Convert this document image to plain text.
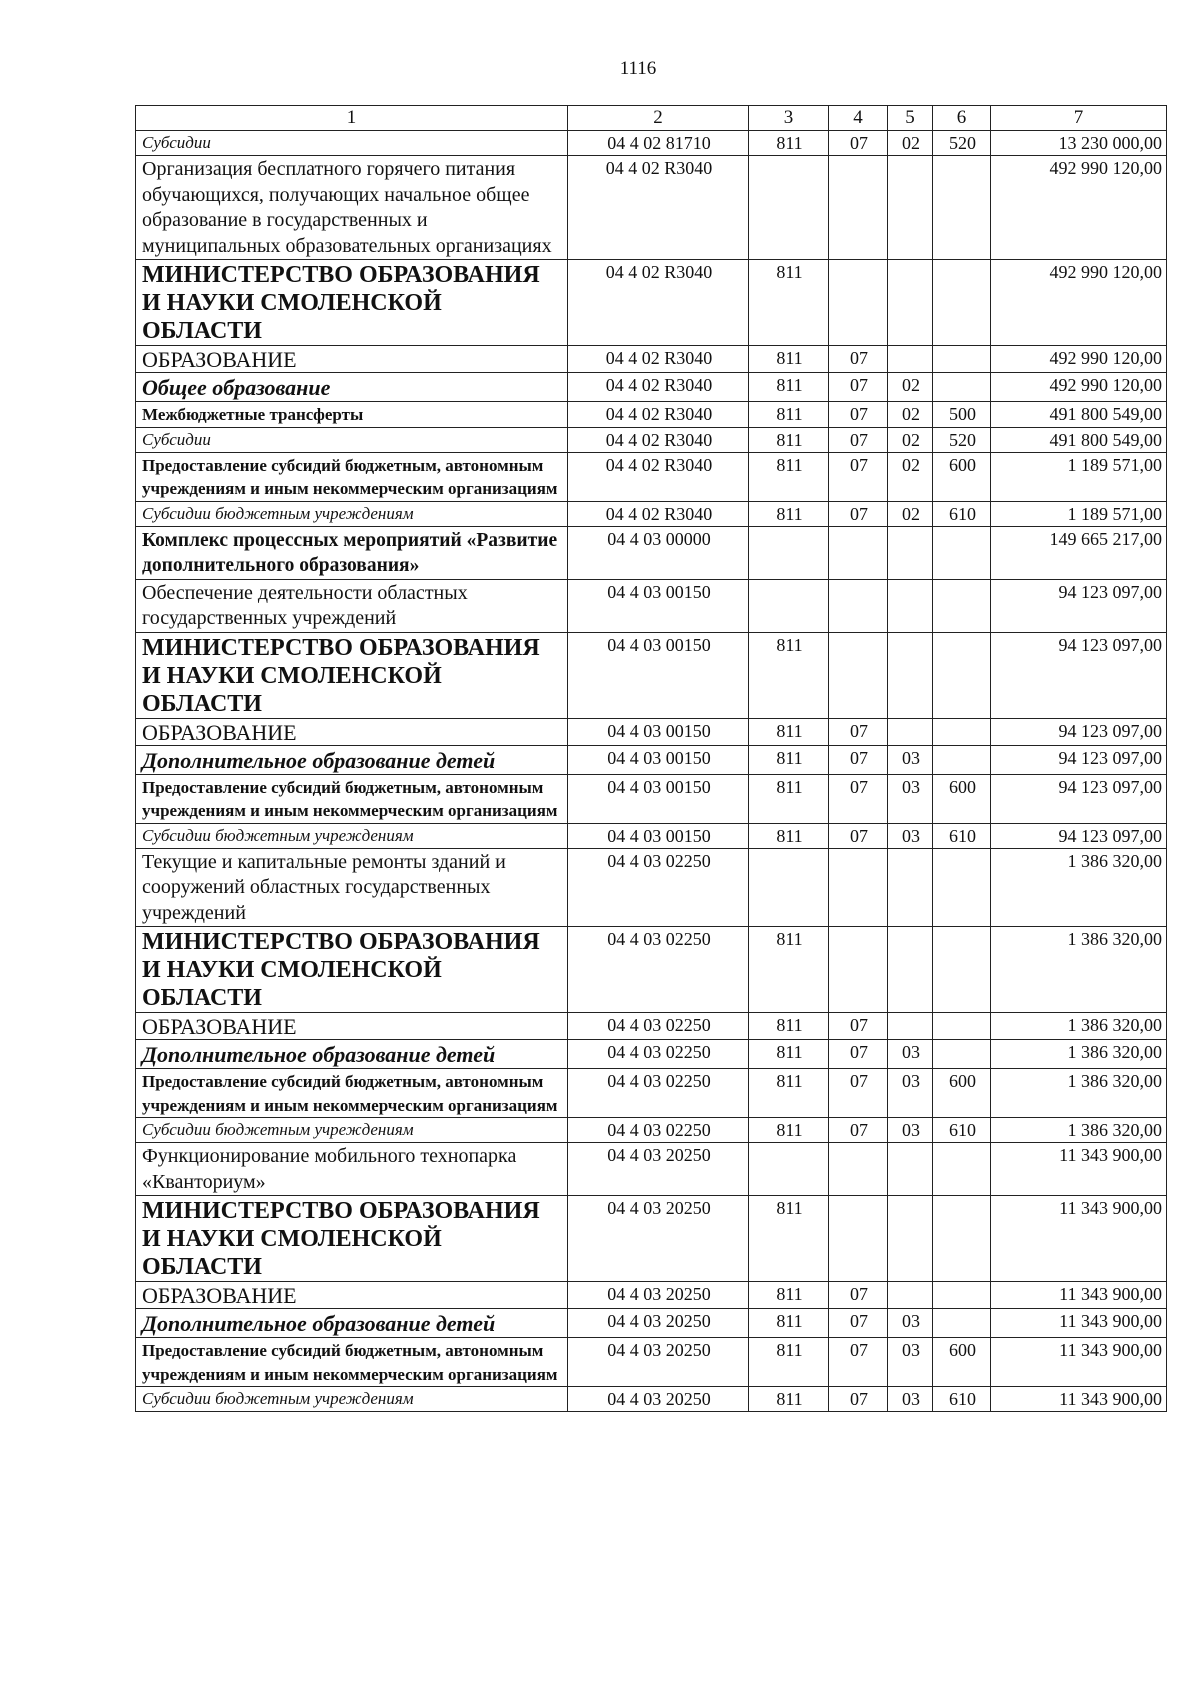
1116
1	2	3	4	5	6	7
Субсидии	04 4 02 81710	811	07	02	520	13 230 000,00
Организация бесплатного горячего питания обучающихся, получающих начальное общее образование в государственных и муниципальных образовательных организациях	04 4 02 R3040					492 990 120,00
МИНИСТЕРСТВО ОБРАЗОВАНИЯ И НАУКИ СМОЛЕНСКОЙ ОБЛАСТИ	04 4 02 R3040	811				492 990 120,00
ОБРАЗОВАНИЕ	04 4 02 R3040	811	07			492 990 120,00
Общее образование	04 4 02 R3040	811	07	02		492 990 120,00
Межбюджетные трансферты	04 4 02 R3040	811	07	02	500	491 800 549,00
Субсидии	04 4 02 R3040	811	07	02	520	491 800 549,00
Предоставление субсидий бюджетным, автономным учреждениям и иным некоммерческим организациям	04 4 02 R3040	811	07	02	600	1 189 571,00
Субсидии бюджетным учреждениям	04 4 02 R3040	811	07	02	610	1 189 571,00
Комплекс процессных мероприятий «Развитие дополнительного образования»	04 4 03 00000					149 665 217,00
Обеспечение деятельности областных государственных учреждений	04 4 03 00150					94 123 097,00
МИНИСТЕРСТВО ОБРАЗОВАНИЯ И НАУКИ СМОЛЕНСКОЙ ОБЛАСТИ	04 4 03 00150	811				94 123 097,00
ОБРАЗОВАНИЕ	04 4 03 00150	811	07			94 123 097,00
Дополнительное образование детей	04 4 03 00150	811	07	03		94 123 097,00
Предоставление субсидий бюджетным, автономным учреждениям и иным некоммерческим организациям	04 4 03 00150	811	07	03	600	94 123 097,00
Субсидии бюджетным учреждениям	04 4 03 00150	811	07	03	610	94 123 097,00
Текущие и капитальные ремонты зданий и сооружений областных государственных учреждений	04 4 03 02250					1 386 320,00
МИНИСТЕРСТВО ОБРАЗОВАНИЯ И НАУКИ СМОЛЕНСКОЙ ОБЛАСТИ	04 4 03 02250	811				1 386 320,00
ОБРАЗОВАНИЕ	04 4 03 02250	811	07			1 386 320,00
Дополнительное образование детей	04 4 03 02250	811	07	03		1 386 320,00
Предоставление субсидий бюджетным, автономным учреждениям и иным некоммерческим организациям	04 4 03 02250	811	07	03	600	1 386 320,00
Субсидии бюджетным учреждениям	04 4 03 02250	811	07	03	610	1 386 320,00
Функционирование мобильного технопарка «Кванториум»	04 4 03 20250					11 343 900,00
МИНИСТЕРСТВО ОБРАЗОВАНИЯ И НАУКИ СМОЛЕНСКОЙ ОБЛАСТИ	04 4 03 20250	811				11 343 900,00
ОБРАЗОВАНИЕ	04 4 03 20250	811	07			11 343 900,00
Дополнительное образование детей	04 4 03 20250	811	07	03		11 343 900,00
Предоставление субсидий бюджетным, автономным учреждениям и иным некоммерческим организациям	04 4 03 20250	811	07	03	600	11 343 900,00
Субсидии бюджетным учреждениям	04 4 03 20250	811	07	03	610	11 343 900,00
